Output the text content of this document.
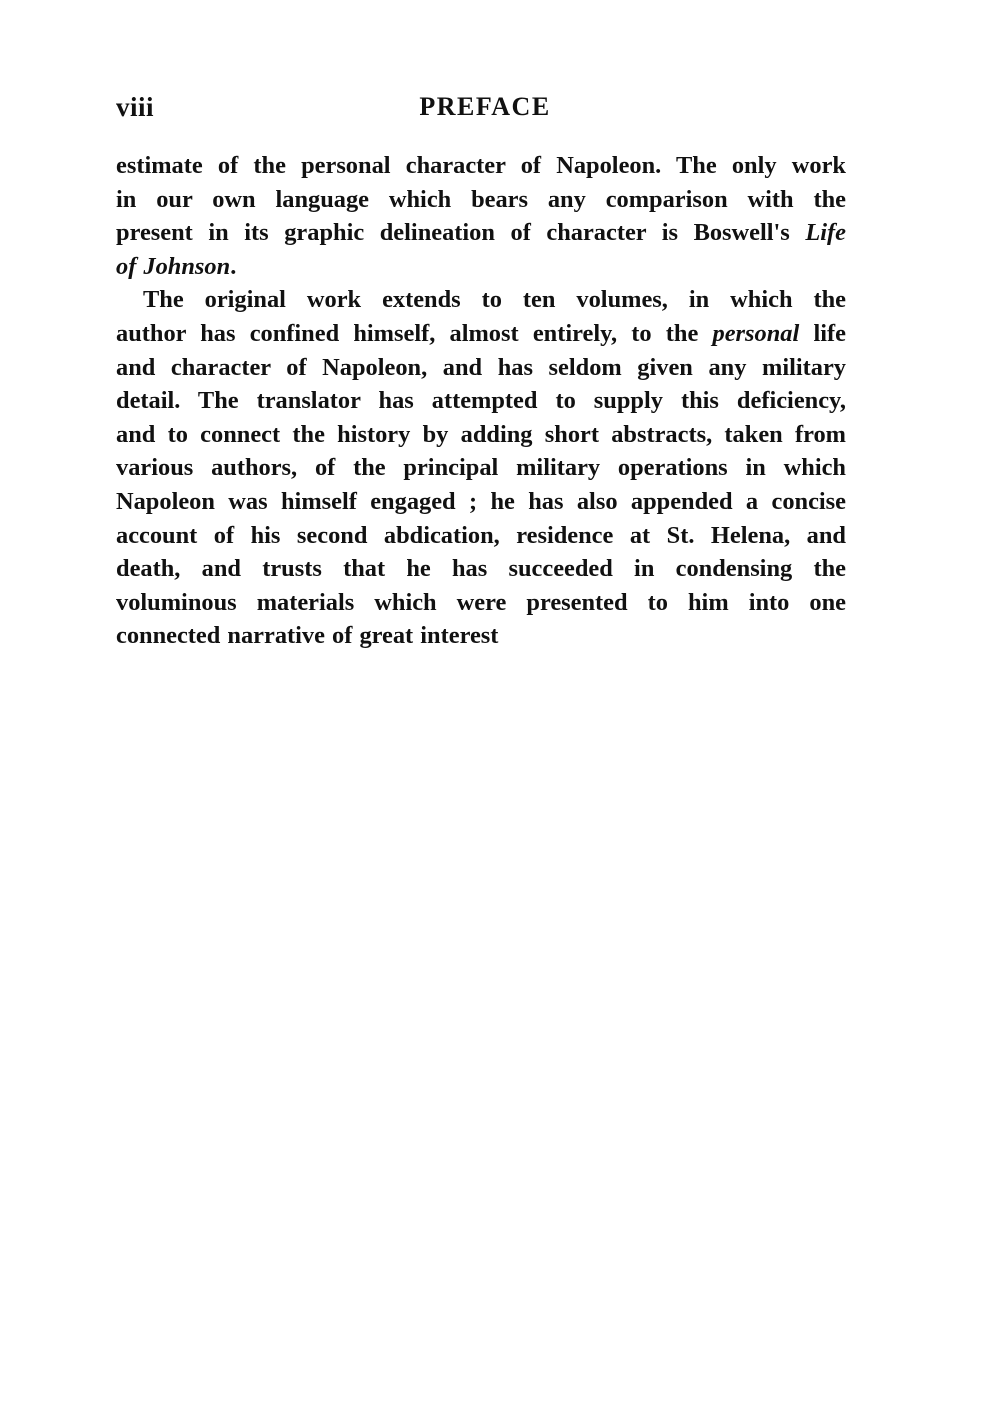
viii	PREFACE
estimate of the personal character of Napoleon. The only work
in our own language which bears any comparison with the
present in its graphic delineation of character is Boswell's Life
of Johnson.
The original work extends to ten volumes, in which the
author has confined himself, almost entirely, to the personal life
and character of Napoleon, and has seldom given any military
detail. The translator has attempted to supply this deficiency,
and to connect the history by adding short abstracts, taken from
various authors, of the principal military operations in which
Napoleon was himself engaged ; he has also appended a concise
account of his second abdication, residence at St. Helena, and
death, and trusts that he has succeeded in condensing the
voluminous materials which were presented to him into one
connected narrative of great interest
